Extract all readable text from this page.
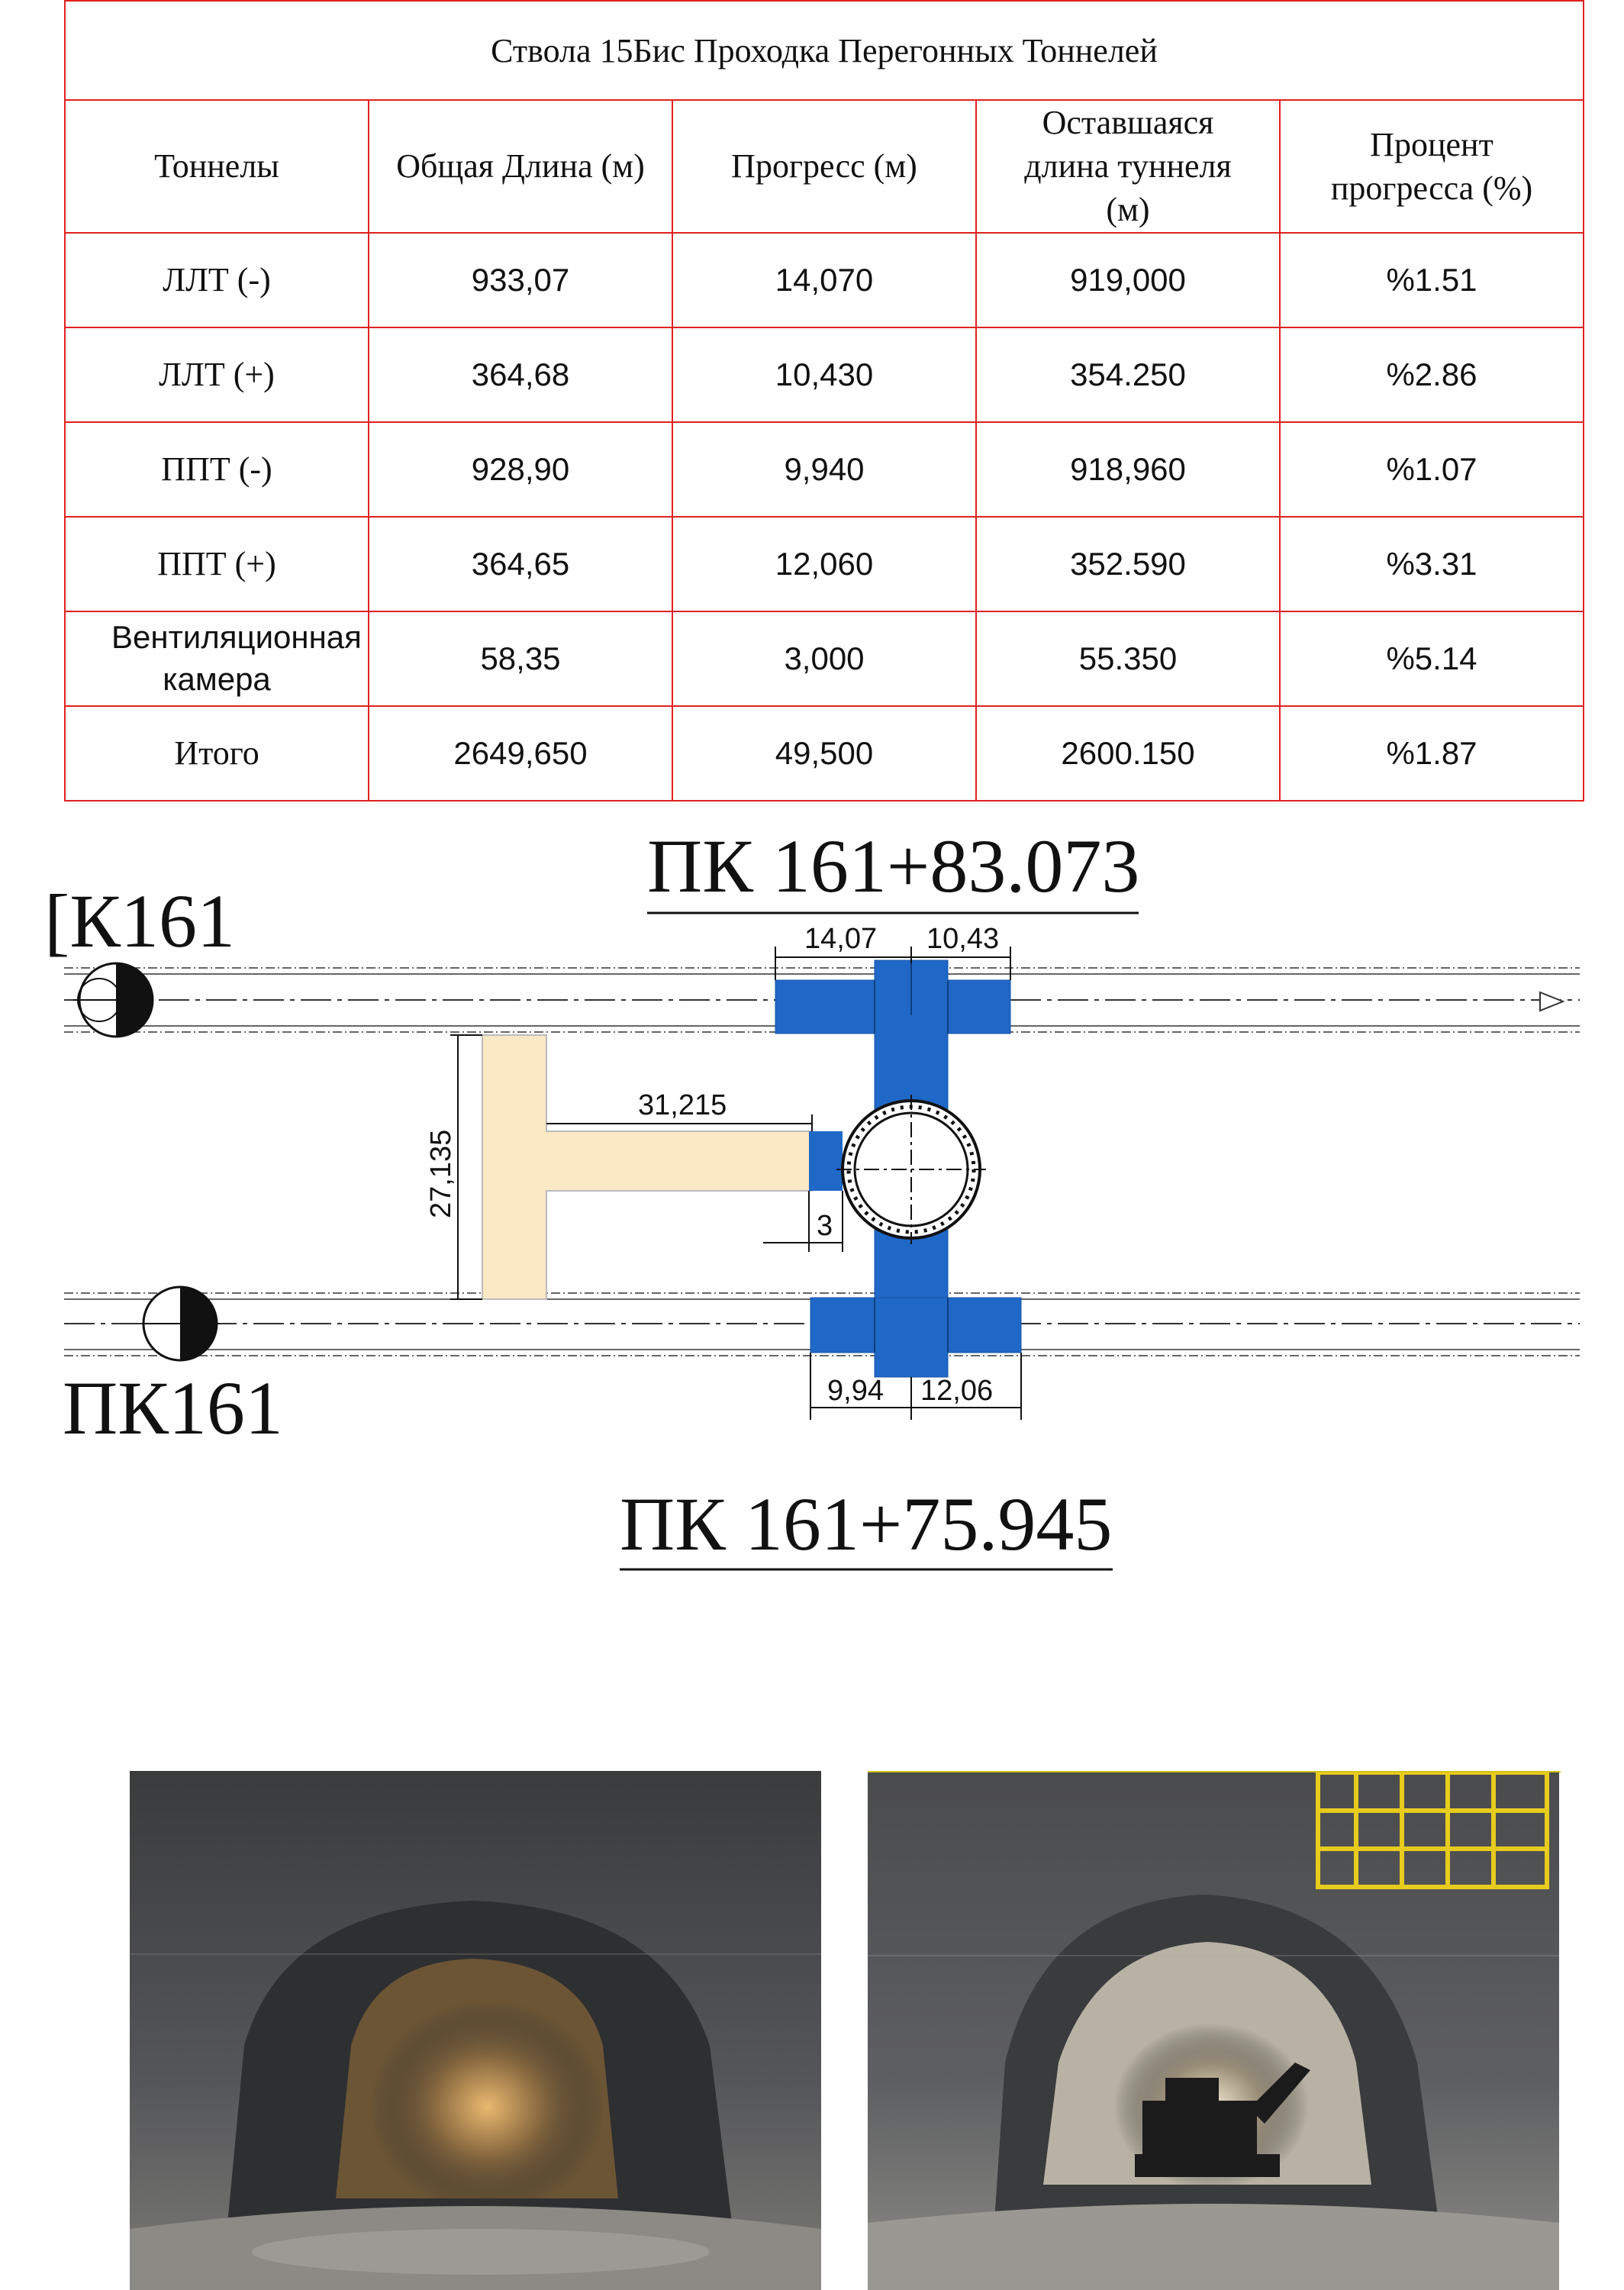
Ствола 15Бис Проходка Перегонных Тоннелей				
Тоннелы	Общая Длина (м)	Прогресс (м)	Оставшаяся длина туннеля (м)	Процент прогресса (%)
ЛЛТ (-)	933,07	14,070	919,000	%1.51
ЛЛТ (+)	364,68	10,430	354.250	%2.86
ППТ (-)	928,90	9,940	918,960	%1.07
ППТ (+)	364,65	12,060	352.590	%3.31
Вентиляционная камера	58,35	3,000	55.350	%5.14
Итого	2649,650	49,500	2600.150	%1.87
ПК 161+83.073
ПК 161+75.945
[К161
ПК161
14,07 10,43
9,94 12,06
31,215
27,135
3
